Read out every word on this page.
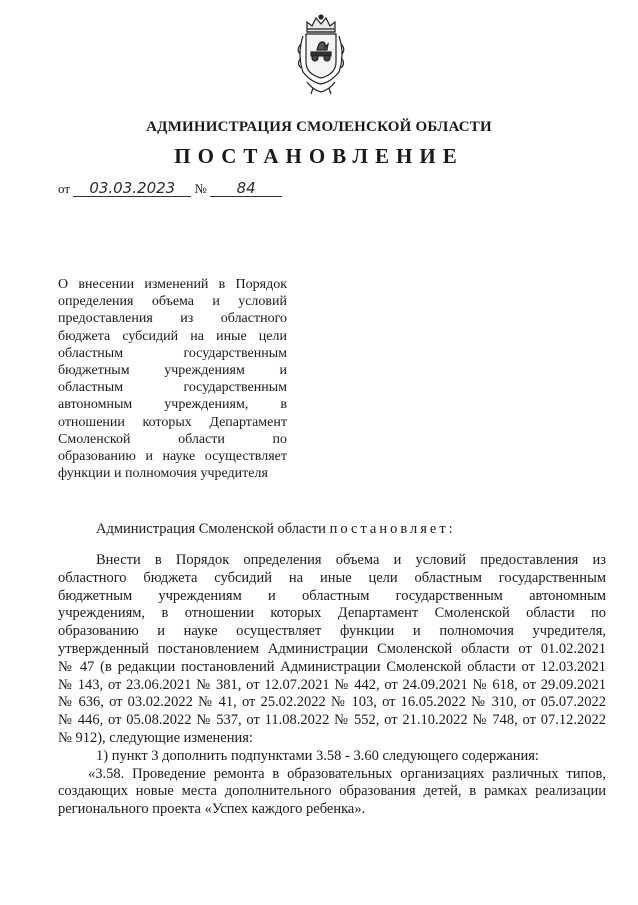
АДМИНИСТРАЦИЯ СМОЛЕНСКОЙ ОБЛАСТИ
ПОСТАНОВЛЕНИЕ
от 03.03.2023 № 84
О внесении изменений в Порядок
определения объема и условий
предоставления из областного
бюджета субсидий на иные цели
областным государственным
бюджетным учреждениям и
областным государственным
автономным учреждениям, в
отношении которых Департамент
Смоленской области по
образованию и науке осуществляет
функции и полномочия учредителя
Администрация Смоленской области постановляет:
Внести в Порядок определения объема и условий предоставления из
областного бюджета субсидий на иные цели областным государственным
бюджетным учреждениям и областным государственным автономным
учреждениям, в отношении которых Департамент Смоленской области по
образованию и науке осуществляет функции и полномочия учредителя,
утвержденный постановлением Администрации Смоленской области от 01.02.2021
№ 47 (в редакции постановлений Администрации Смоленской области от 12.03.2021
№ 143, от 23.06.2021 № 381, от 12.07.2021 № 442, от 24.09.2021 № 618, от 29.09.2021
№ 636, от 03.02.2022 № 41, от 25.02.2022 № 103, от 16.05.2022 № 310, от 05.07.2022
№ 446, от 05.08.2022 № 537, от 11.08.2022 № 552, от 21.10.2022 № 748, от 07.12.2022
№ 912), следующие изменения:
1) пункт 3 дополнить подпунктами 3.58 - 3.60 следующего содержания:
«3.58. Проведение ремонта в образовательных организациях различных типов,
создающих новые места дополнительного образования детей, в рамках реализации
регионального проекта «Успех каждого ребенка».
